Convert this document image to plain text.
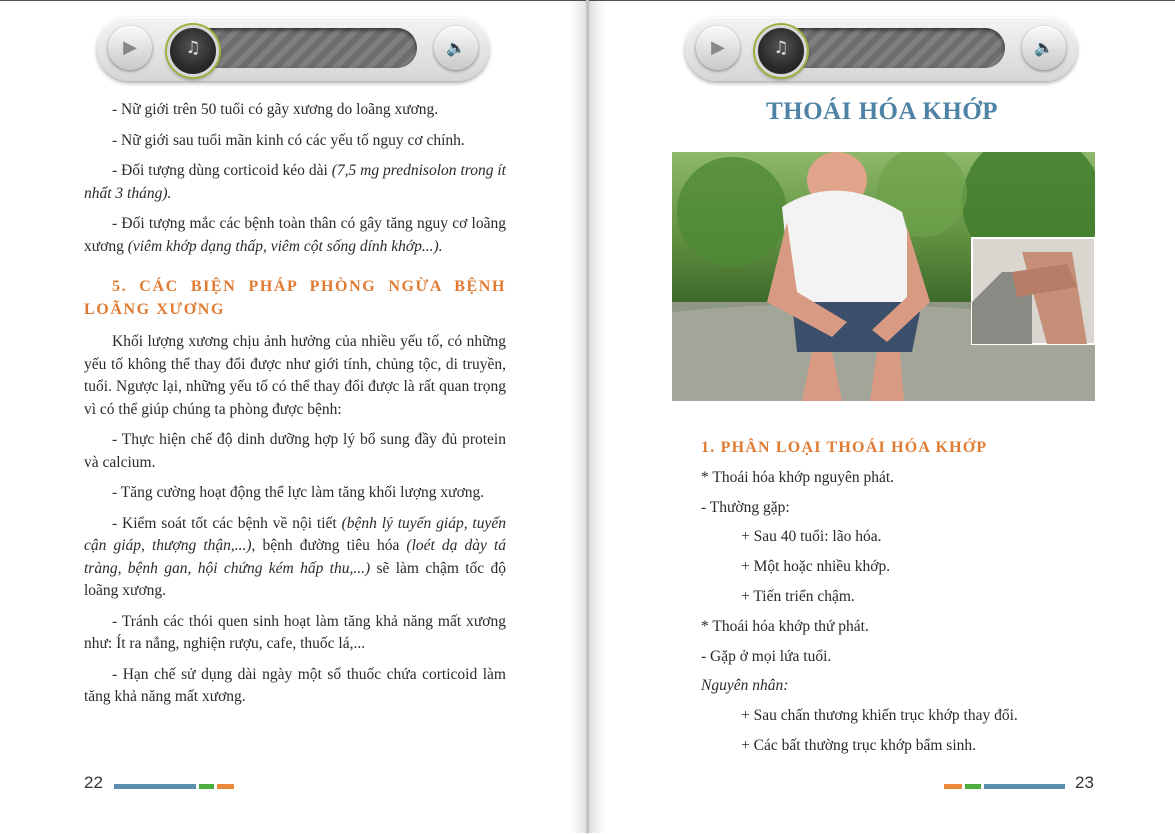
▶	♫	🔈

- Nữ giới trên 50 tuổi có gãy xương do loãng xương.

- Nữ giới sau tuổi mãn kinh có các yếu tố nguy cơ chính.

- Đối tượng dùng corticoid kéo dài (7,5 mg prednisolon trong ít nhất 3 tháng).

- Đối tượng mắc các bệnh toàn thân có gây tăng nguy cơ loãng xương (viêm khớp dạng thấp, viêm cột sống dính khớp...).

5. CÁC BIỆN PHÁP PHÒNG NGỪA BỆNH LOÃNG XƯƠNG

Khối lượng xương chịu ảnh hưởng của nhiều yếu tố, có những yếu tố không thể thay đổi được như giới tính, chủng tộc, di truyền, tuổi. Ngược lại, những yếu tố có thể thay đổi được là rất quan trọng vì có thể giúp chúng ta phòng được bệnh:

- Thực hiện chế độ dinh dưỡng hợp lý bổ sung đầy đủ protein và calcium.

- Tăng cường hoạt động thể lực làm tăng khối lượng xương.

- Kiểm soát tốt các bệnh về nội tiết (bệnh lý tuyến giáp, tuyến cận giáp, thượng thận,...), bệnh đường tiêu hóa (loét dạ dày tá tràng, bệnh gan, hội chứng kém hấp thu,...) sẽ làm chậm tốc độ loãng xương.

- Tránh các thói quen sinh hoạt làm tăng khả năng mất xương như: Ít ra nắng, nghiện rượu, cafe, thuốc lá,...

- Hạn chế sử dụng dài ngày một số thuốc chứa corticoid làm tăng khả năng mất xương.

22
▶	♫	🔈
THOÁI HÓA KHỚP
1. PHÂN LOẠI THOÁI HÓA KHỚP
* Thoái hóa khớp nguyên phát.
- Thường gặp:
+ Sau 40 tuổi: lão hóa.
+ Một hoặc nhiều khớp.
+ Tiến triển chậm.
* Thoái hóa khớp thứ phát.
- Gặp ở mọi lứa tuổi.
Nguyên nhân:
+ Sau chấn thương khiến trục khớp thay đổi.
+ Các bất thường trục khớp bẩm sinh.
23
